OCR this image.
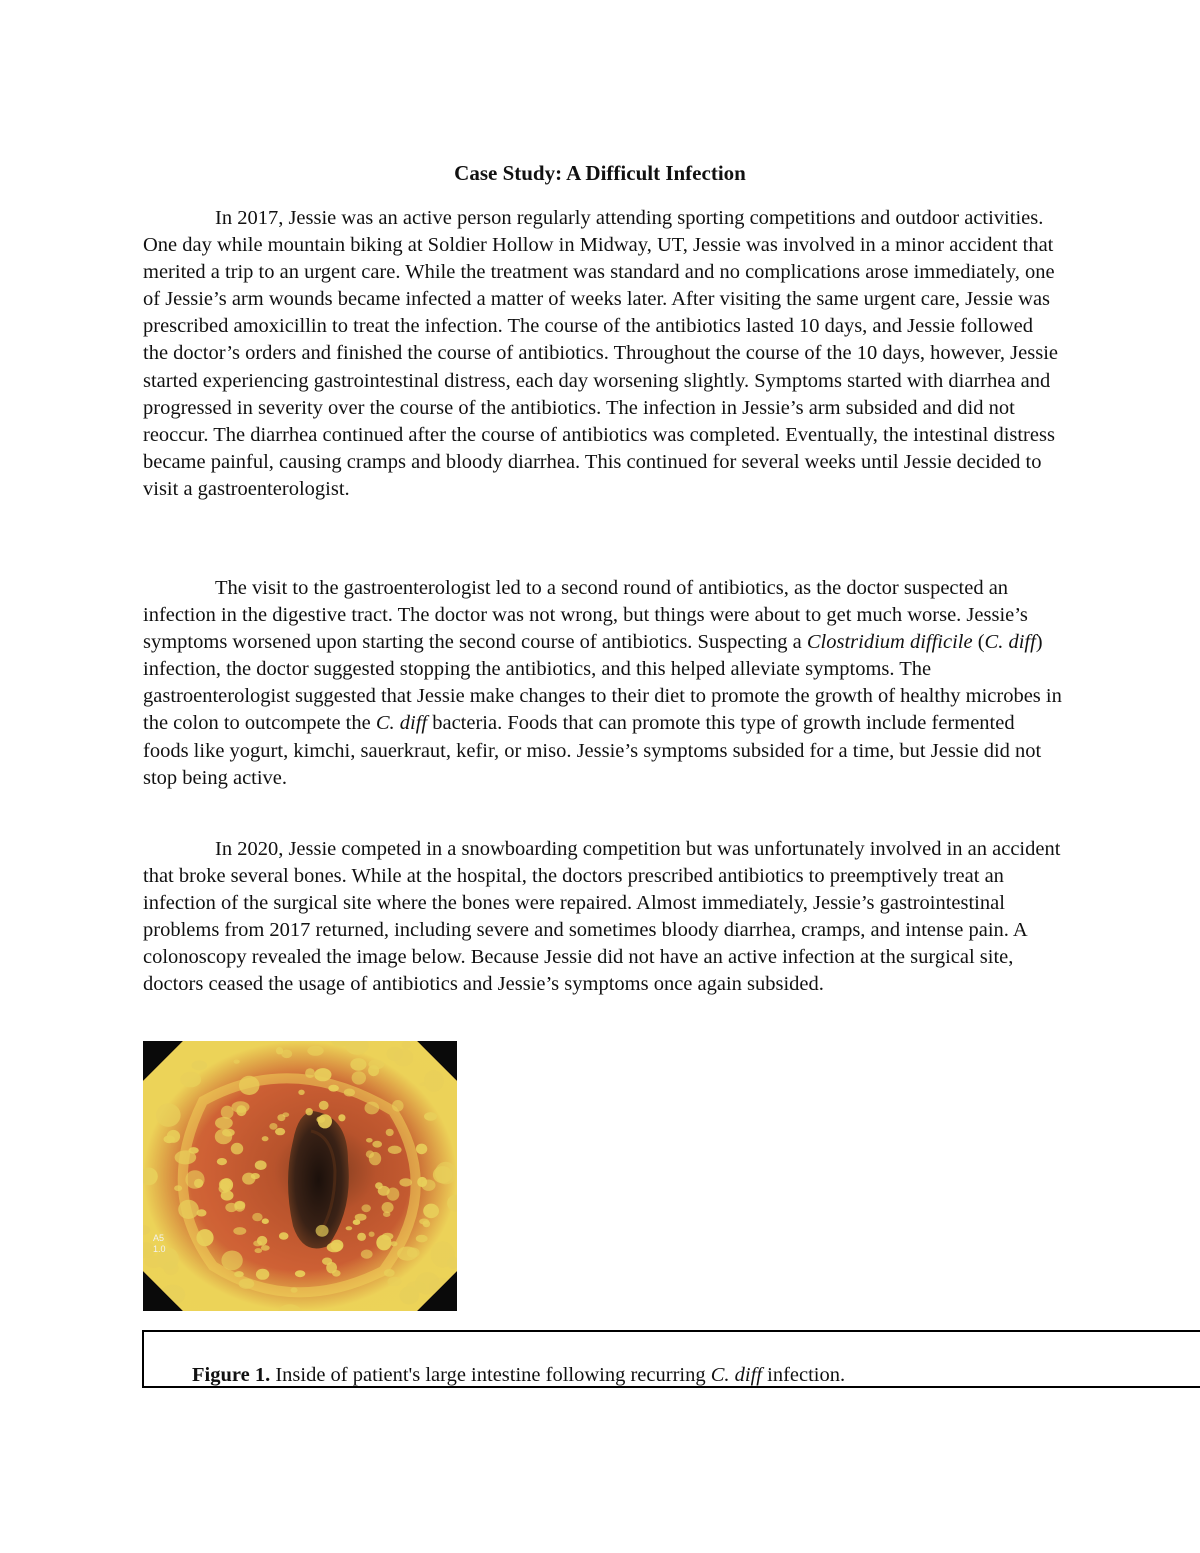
Case Study: A Difficult Infection

In 2017, Jessie was an active person regularly attending sporting competitions and outdoor activities. One day while mountain biking at Soldier Hollow in Midway, UT, Jessie was involved in a minor accident that merited a trip to an urgent care. While the treatment was standard and no complications arose immediately, one of Jessie’s arm wounds became infected a matter of weeks later. After visiting the same urgent care, Jessie was prescribed amoxicillin to treat the infection. The course of the antibiotics lasted 10 days, and Jessie followed the doctor’s orders and finished the course of antibiotics. Throughout the course of the 10 days, however, Jessie started experiencing gastrointestinal distress, each day worsening slightly. Symptoms started with diarrhea and progressed in severity over the course of the antibiotics. The infection in Jessie’s arm subsided and did not reoccur. The diarrhea continued after the course of antibiotics was completed. Eventually, the intestinal distress became painful, causing cramps and bloody diarrhea. This continued for several weeks until Jessie decided to visit a gastroenterologist.

The visit to the gastroenterologist led to a second round of antibiotics, as the doctor suspected an infection in the digestive tract. The doctor was not wrong, but things were about to get much worse. Jessie’s symptoms worsened upon starting the second course of antibiotics. Suspecting a Clostridium difficile (C. diff) infection, the doctor suggested stopping the antibiotics, and this helped alleviate symptoms. The gastroenterologist suggested that Jessie make changes to their diet to promote the growth of healthy microbes in the colon to outcompete the C. diff bacteria. Foods that can promote this type of growth include fermented foods like yogurt, kimchi, sauerkraut, kefir, or miso. Jessie’s symptoms subsided for a time, but Jessie did not stop being active.

In 2020, Jessie competed in a snowboarding competition but was unfortunately involved in an accident that broke several bones. While at the hospital, the doctors prescribed antibiotics to preemptively treat an infection of the surgical site where the bones were repaired. Almost immediately, Jessie’s gastrointestinal problems from 2017 returned, including severe and sometimes bloody diarrhea, cramps, and intense pain. A colonoscopy revealed the image below. Because Jessie did not have an active infection at the surgical site, doctors ceased the usage of antibiotics and Jessie’s symptoms once again subsided.

A5
1.0
Figure 1. Inside of patient's large intestine following recurring C. diff infection.
